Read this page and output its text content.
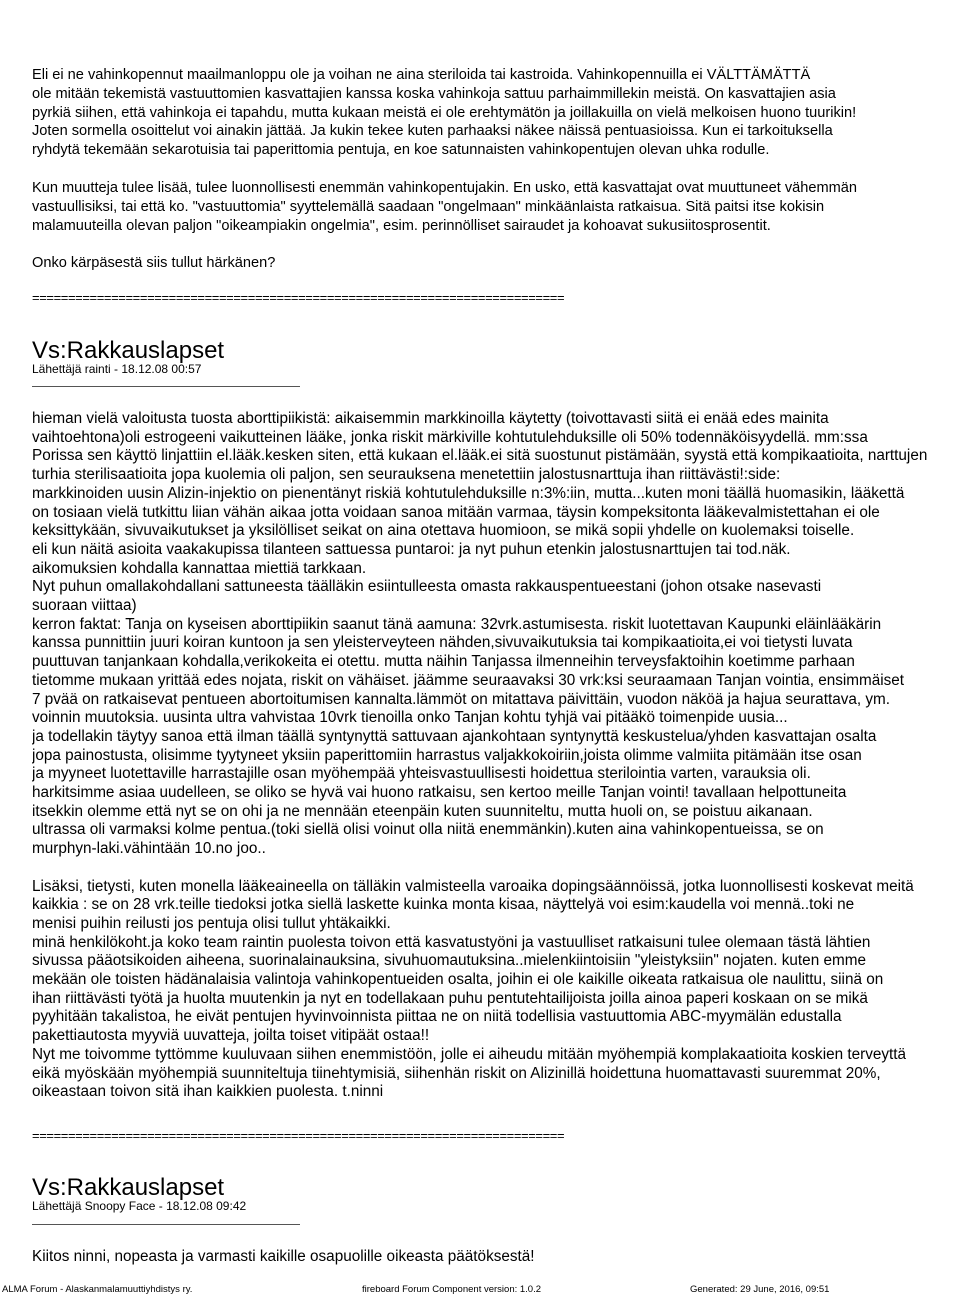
Eli ei ne vahinkopennut maailmanloppu ole ja voihan ne aina steriloida tai kastroida. Vahinkopennuilla ei VÄLTTÄMÄTTÄ
ole mitään tekemistä vastuuttomien kasvattajien kanssa koska vahinkoja sattuu parhaimmillekin meistä. On kasvattajien asia
pyrkiä siihen, että vahinkoja ei tapahdu, mutta kukaan meistä ei ole erehtymätön ja joillakuilla on vielä melkoisen huono tuurikin!
Joten sormella osoittelut voi ainakin jättää. Ja kukin tekee kuten parhaaksi näkee näissä pentuasioissa. Kun ei tarkoituksella
ryhdytä tekemään sekarotuisia tai paperittomia pentuja, en koe satunnaisten vahinkopentujen olevan uhka rodulle.
Kun muutteja tulee lisää, tulee luonnollisesti enemmän vahinkopentujakin. En usko, että kasvattajat ovat muuttuneet vähemmän
vastuullisiksi, tai että ko. "vastuuttomia" syyttelemällä saadaan "ongelmaan" minkäänlaista ratkaisua. Sitä paitsi itse kokisin
malamuuteilla olevan paljon "oikeampiakin ongelmia", esim. perinnölliset sairaudet ja kohoavat sukusiitosprosentit.
Onko kärpäsestä siis tullut härkänen?
==========================================================================
Vs:Rakkauslapset
Lähettäjä rainti - 18.12.08 00:57
hieman vielä valoitusta tuosta aborttipiikistä: aikaisemmin markkinoilla käytetty (toivottavasti siitä ei enää edes mainita
vaihtoehtona)oli estrogeeni vaikutteinen lääke, jonka riskit märkiville kohtutulehduksille oli 50% todennäköisyydellä. mm:ssa
Porissa sen käyttö linjattiin el.lääk.kesken siten, että kukaan el.lääk.ei sitä suostunut pistämään, syystä että kompikaatioita, narttujen
turhia sterilisaatioita jopa kuolemia oli paljon, sen seurauksena menetettiin jalostusnarttuja ihan riittävästi!:side:
markkinoiden uusin Alizin-injektio on pienentänyt riskiä kohtutulehduksille n:3%:iin, mutta...kuten moni täällä huomasikin, lääkettä
on tosiaan vielä tutkittu liian vähän aikaa jotta voidaan sanoa mitään varmaa, täysin kompeksitonta lääkevalmistettahan ei ole
keksittykään, sivuvaikutukset ja yksilölliset seikat on aina otettava huomioon, se mikä sopii yhdelle on kuolemaksi toiselle.
eli kun näitä asioita vaakakupissa tilanteen sattuessa puntaroi: ja nyt puhun etenkin jalostusnarttujen tai tod.näk.
aikomuksien kohdalla kannattaa miettiä tarkkaan.
Nyt puhun omallakohdallani sattuneesta täälläkin esiintulleesta omasta rakkauspentueestani (johon otsake nasevasti
suoraan viittaa)
kerron faktat: Tanja on kyseisen aborttipiikin saanut tänä aamuna: 32vrk.astumisesta. riskit luotettavan Kaupunki eläinlääkärin
kanssa punnittiin juuri koiran kuntoon ja sen yleisterveyteen nähden,sivuvaikutuksia tai kompikaatioita,ei voi tietysti luvata
puuttuvan tanjankaan kohdalla,verikokeita ei otettu. mutta näihin Tanjassa ilmenneihin terveysfaktoihin koetimme parhaan
tietomme mukaan yrittää edes nojata, riskit on vähäiset. jäämme seuraavaksi 30 vrk:ksi seuraamaan Tanjan vointia, ensimmäiset
7 pvää on ratkaisevat pentueen abortoitumisen kannalta.lämmöt on mitattava päivittäin, vuodon näköä ja hajua seurattava, ym.
voinnin muutoksia. uusinta ultra vahvistaa 10vrk tienoilla onko Tanjan kohtu tyhjä vai pitääkö toimenpide uusia...
ja todellakin täytyy sanoa että ilman täällä syntynyttä sattuvaan ajankohtaan syntynyttä keskustelua/yhden kasvattajan osalta
jopa painostusta, olisimme tyytyneet yksiin paperittomiin harrastus valjakkokoiriin,joista olimme valmiita pitämään itse osan
ja myyneet luotettaville harrastajille osan myöhempää yhteisvastuullisesti hoidettua sterilointia varten, varauksia oli.
harkitsimme asiaa uudelleen, se oliko se hyvä vai huono ratkaisu, sen kertoo meille Tanjan vointi! tavallaan helpottuneita
itsekkin olemme että nyt se on ohi ja ne mennään eteenpäin kuten suunniteltu, mutta huoli on, se poistuu aikanaan.
ultrassa oli varmaksi kolme pentua.(toki siellä olisi voinut olla niitä enemmänkin).kuten aina vahinkopentueissa, se on
murphyn-laki.vähintään 10.no joo..
Lisäksi, tietysti, kuten monella lääkeaineella on tälläkin valmisteella varoaika dopingsäännöissä, jotka luonnollisesti koskevat meitä
kaikkia : se on 28 vrk.teille tiedoksi jotka siellä laskette kuinka monta kisaa, näyttelyä voi esim:kaudella voi mennä..toki ne
menisi puihin reilusti jos pentuja olisi tullut yhtäkaikki.
minä henkilökoht.ja koko team raintin puolesta toivon että kasvatustyöni ja vastuulliset ratkaisuni tulee olemaan tästä lähtien
sivussa pääotsikoiden aiheena, suorinalainauksina, sivuhuomautuksina..mielenkiintoisiin "yleistyksiin" nojaten. kuten emme
mekään ole toisten hädänalaisia valintoja vahinkopentueiden osalta, joihin ei ole kaikille oikeata ratkaisua ole naulittu, siinä on
ihan riittävästi työtä ja huolta muutenkin ja nyt en todellakaan puhu pentutehtailijoista joilla ainoa paperi koskaan on se mikä
pyyhitään takalistoa, he eivät pentujen hyvinvoinnista piittaa ne on niitä todellisia vastuuttomia ABC-myymälän edustalla
pakettiautosta myyviä uuvatteja, joilta toiset vitipäät ostaa!!
Nyt me toivomme tyttömme kuuluvaan siihen enemmistöön, jolle ei aiheudu mitään myöhempiä komplakaatioita koskien terveyttä
eikä myöskään myöhempiä suunniteltuja tiinehtymisiä, siihenhän riskit on Alizinillä hoidettuna huomattavasti suuremmat 20%,
oikeastaan toivon sitä ihan kaikkien puolesta. t.ninni
==========================================================================
Vs:Rakkauslapset
Lähettäjä Snoopy Face - 18.12.08 09:42
Kiitos ninni, nopeasta ja varmasti kaikille osapuolille oikeasta päätöksestä!
ALMA Forum - Alaskanmalamuuttiyhdistys ry.	fireboard Forum Component version: 1.0.2	Generated: 29 June, 2016, 09:51
